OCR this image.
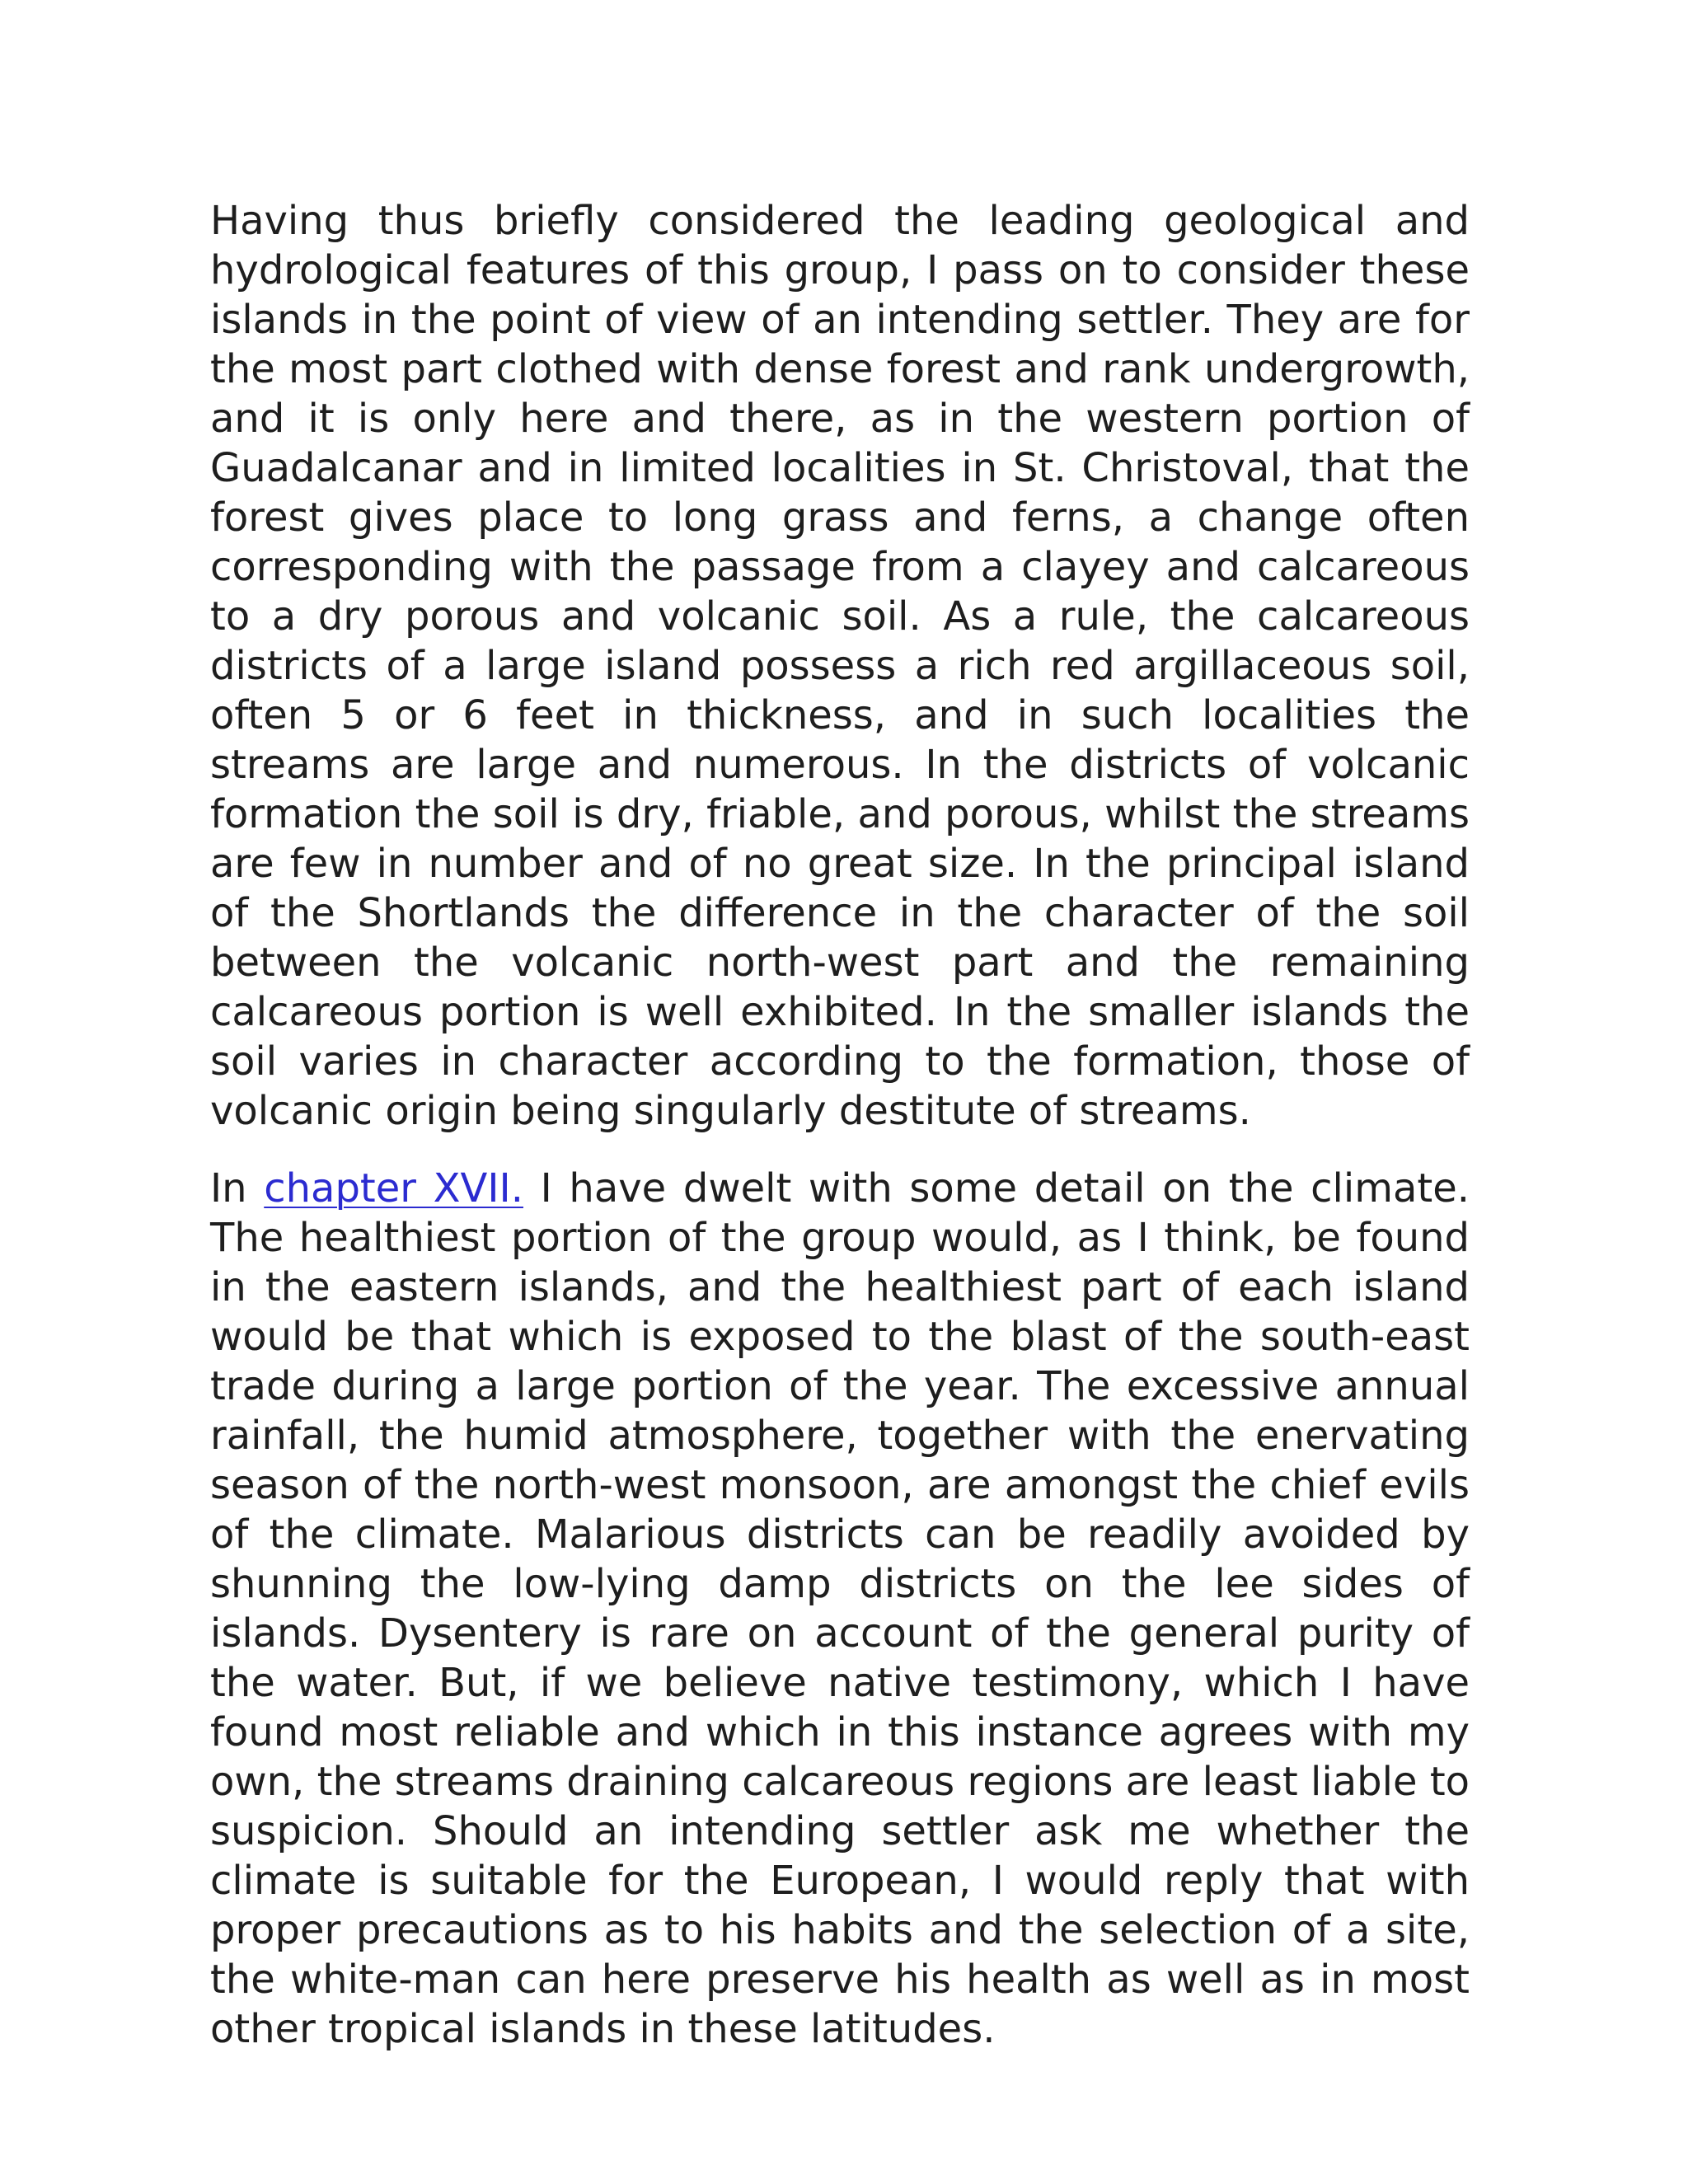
Having thus briefly considered the leading geological and hydrological features of this group, I pass on to consider these islands in the point of view of an intending settler. They are for the most part clothed with dense forest and rank undergrowth, and it is only here and there, as in the western portion of Guadalcanar and in limited localities in St. Christoval, that the forest gives place to long grass and ferns, a change often corresponding with the passage from a clayey and calcareous to a dry porous and volcanic soil. As a rule, the calcareous districts of a large island possess a rich red argillaceous soil, often 5 or 6 feet in thickness, and in such localities the streams are large and numerous. In the districts of volcanic formation the soil is dry, friable, and porous, whilst the streams are few in number and of no great size. In the principal island of the Shortlands the difference in the character of the soil between the volcanic north-west part and the remaining calcareous portion is well exhibited. In the smaller islands the soil varies in character according to the formation, those of volcanic origin being singularly destitute of streams.

In chapter XVII. I have dwelt with some detail on the climate. The healthiest portion of the group would, as I think, be found in the eastern islands, and the healthiest part of each island would be that which is exposed to the blast of the south-east trade during a large portion of the year. The excessive annual rainfall, the humid atmosphere, together with the enervating season of the north-west monsoon, are amongst the chief evils of the climate. Malarious districts can be readily avoided by shunning the low-lying damp districts on the lee sides of islands. Dysentery is rare on account of the general purity of the water. But, if we believe native testimony, which I have found most reliable and which in this instance agrees with my own, the streams draining calcareous regions are least liable to suspicion. Should an intending settler ask me whether the climate is suitable for the European, I would reply that with proper precautions as to his habits and the selection of a site, the white-man can here preserve his health as well as in most other tropical islands in these latitudes.
